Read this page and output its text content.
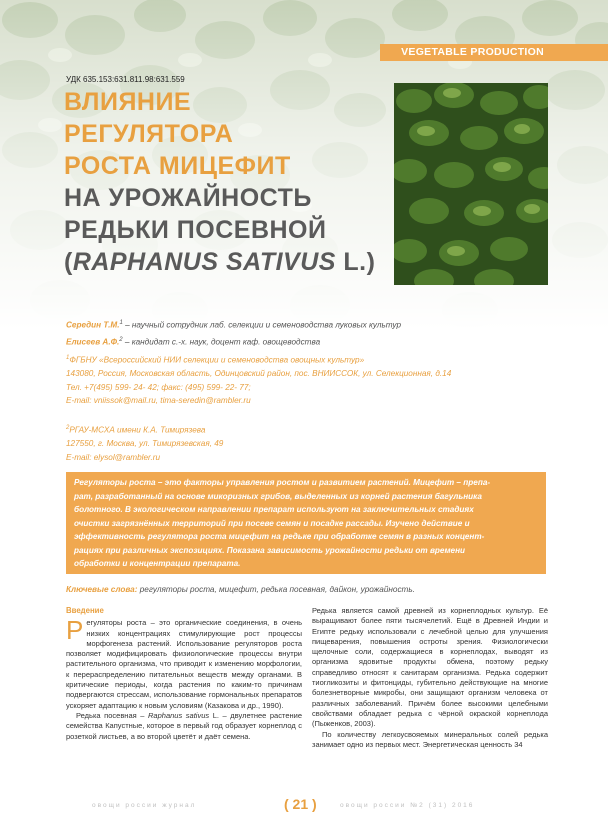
VEGETABLE PRODUCTION
УДК 635.153:631.811.98:631.559
ВЛИЯНИЕ
РЕГУЛЯТОРА
РОСТА МИЦЕФИТ
НА УРОЖАЙНОСТЬ
РЕДЬКИ ПОСЕВНОЙ
(RAPHANUS SATIVUS L.)
Середин Т.М.$^1$ – научный сотрудник лаб. селекции и семеноводства луковых культур
Елисеев А.Ф.$^2$ – кандидат с.-х. наук, доцент каф. овощеводства
$^1$ФГБНУ «Всероссийский НИИ селекции и семеноводства овощных культур»
143080, Россия, Московская область, Одинцовский район, пос. ВНИИССОК, ул. Селекционная, д.14
Тел. +7(495) 599- 24- 42; факс: (495) 599- 22- 77;
E-mail: vniissok@mail.ru, tima-seredin@rambler.ru
$^2$РГАУ-МСХА имени К.А. Тимирязева
127550, г. Москва, ул. Тимирязевская, 49
E-mail: elysol@rambler.ru
Регуляторы роста – это факторы управления ростом и развитием растений. Мицефит – препа-
рат, разработанный на основе микоризных грибов, выделенных из корней растения багульника
болотного. В экологическом направлении препарат используют на заключительных стадиях
очистки загрязнённых территорий при посеве семян и посадке рассады. Изучено действие и
эффективность регулятора роста мицефит на редьке при обработке семян в разных концент-
рациях при различных экспозициях. Показана зависимость урожайности редьки от времени
обработки и концентрации препарата.
Ключевые слова: регуляторы роста, мицефит, редька посевная, дайкон, урожайность.
Введение

Регуляторы роста – это органические соединения, в очень низких концентрациях стимулирующие рост процессы морфогенеза растений. Использование регуляторов роста позволяет модифицировать физиологические процессы внутри растительного организма, что приводит к изменению морфологии, к перераспределению питательных веществ между органами. В критические периоды, когда растения по каким-то причинам подвергаются стрессам, использование гормональных препаратов ускоряет адаптацию к новым условиям (Казакова и др., 1990).

Редька посевная – Raphanus sativus L. – двулетнее растение семейства Капустные, которое в первый год образует корнеплод с розеткой листьев, а во второй цветёт и даёт семена.

Редька является самой древней из корнеплодных культур. Её выращивают более пяти тысячелетий. Ещё в Древней Индии и Египте редьку использовали с лечебной целью для улучшения пищеварения, повышения остроты зрения. Физиологически щелочные соли, содержащиеся в корнеплодах, выводят из организма ядовитые продукты обмена, поэтому редьку справедливо относят к санитарам организма. Редька содержит тиогликозиты и фитонциды, губительно действующие на многие болезнетворные микробы, они защищают организм человека от различных заболеваний. Причём более высокими целебными свойствами обладает редька с чёрной окраской корнеплода (Пыженков, 2003).

По количеству легкоусвояемых минеральных солей редька занимает одно из первых мест. Энергетическая ценность 34

овощи россии журнал	( 21 )	овощи россии №2 (31) 2016
